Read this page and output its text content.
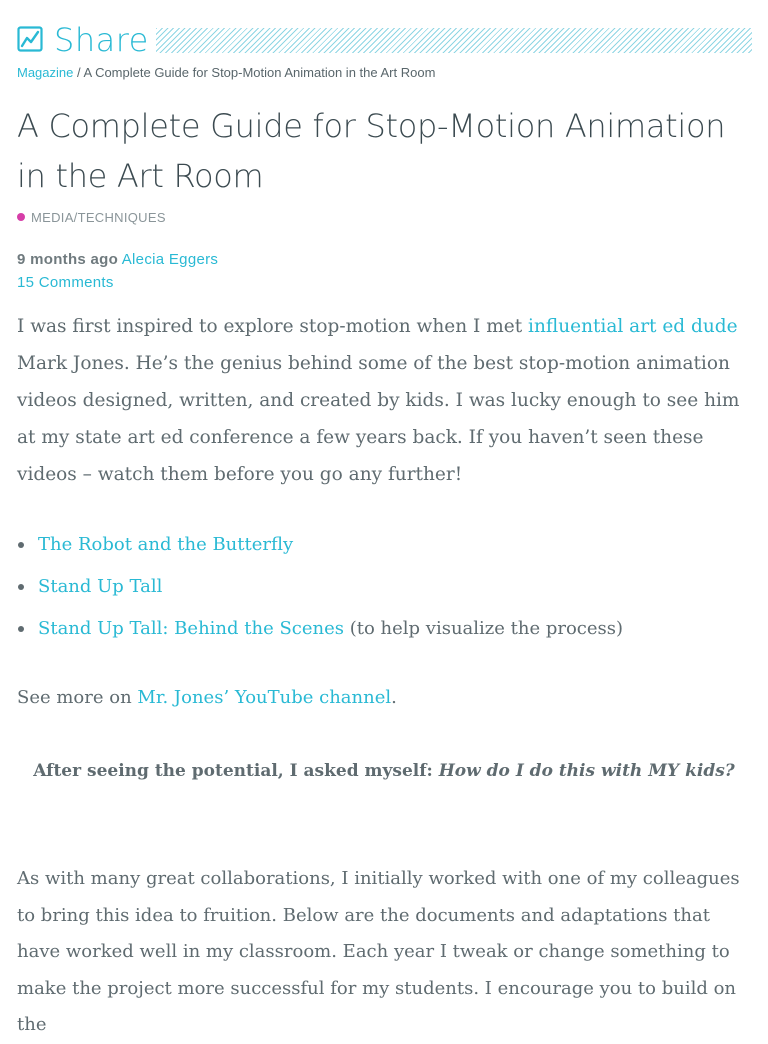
Share
Magazine / A Complete Guide for Stop-Motion Animation in the Art Room
A Complete Guide for Stop-Motion Animation in the Art Room
MEDIA/TECHNIQUES
9 months ago Alecia Eggers
15 Comments

I was first inspired to explore stop-motion when I met influential art ed dude Mark Jones. He’s the genius behind some of the best stop-motion animation videos designed, written, and created by kids. I was lucky enough to see him at my state art ed conference a few years back. If you haven’t seen these videos – watch them before you go any further!

The Robot and the Butterfly
Stand Up Tall
Stand Up Tall: Behind the Scenes (to help visualize the process)

See more on Mr. Jones’ YouTube channel.

After seeing the potential, I asked myself: How do I do this with MY kids?

As with many great collaborations, I initially worked with one of my colleagues to bring this idea to fruition. Below are the documents and adaptations that have worked well in my classroom. Each year I tweak or change something to make the project more successful for my students. I encourage you to build on the
